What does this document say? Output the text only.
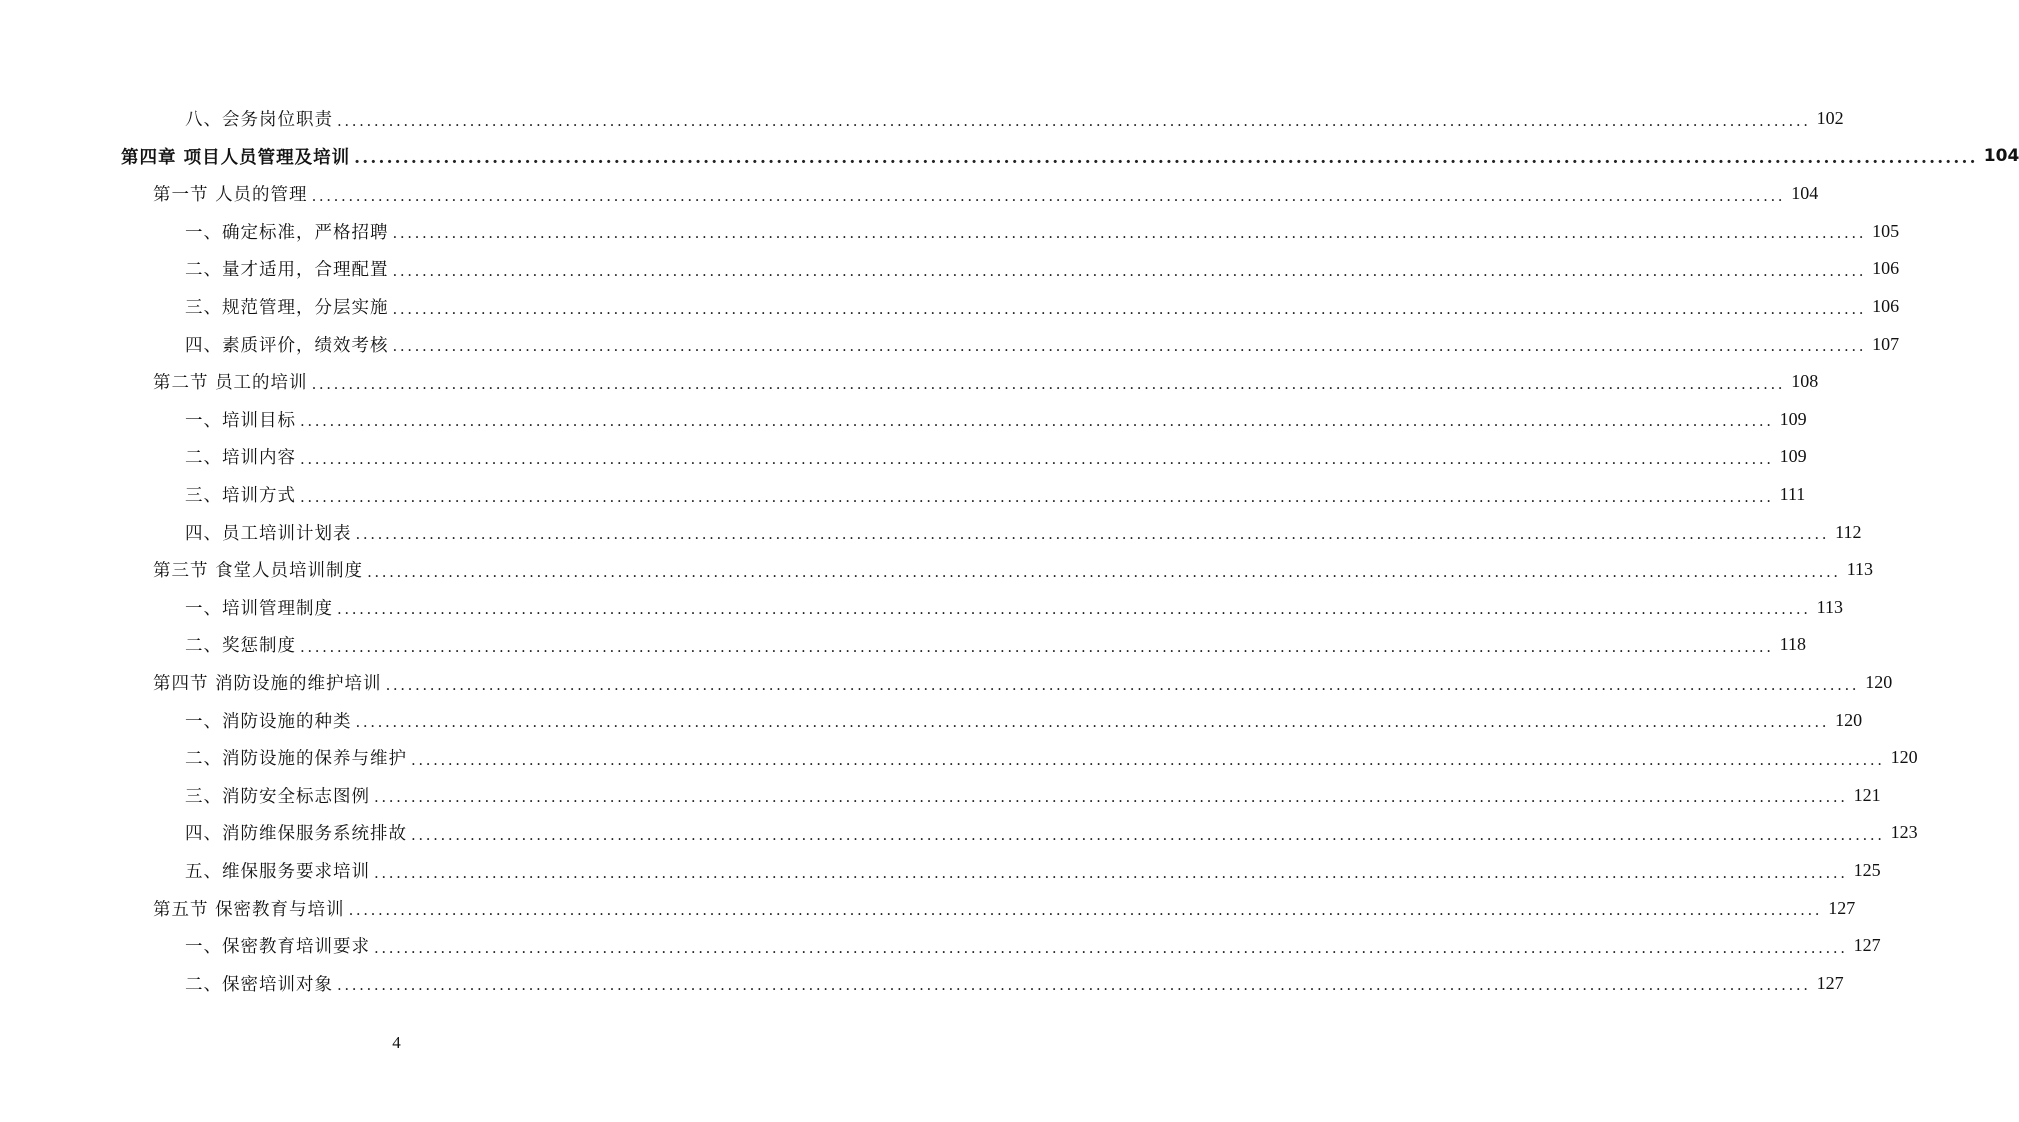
八、会务岗位职责 ........................................................................................................................................................................................................ 102
第四章 项目人员管理及培训 ........................................................................................................................................................................................................ 104
第一节 人员的管理 ........................................................................................................................................................................................................ 104
一、确定标准，严格招聘 ........................................................................................................................................................................................................ 105
二、量才适用，合理配置 ........................................................................................................................................................................................................ 106
三、规范管理，分层实施 ........................................................................................................................................................................................................ 106
四、素质评价，绩效考核 ........................................................................................................................................................................................................ 107
第二节 员工的培训 ........................................................................................................................................................................................................ 108
一、培训目标 ........................................................................................................................................................................................................ 109
二、培训内容 ........................................................................................................................................................................................................ 109
三、培训方式 ........................................................................................................................................................................................................ 111
四、员工培训计划表 ........................................................................................................................................................................................................ 112
第三节 食堂人员培训制度 ........................................................................................................................................................................................................ 113
一、培训管理制度 ........................................................................................................................................................................................................ 113
二、奖惩制度 ........................................................................................................................................................................................................ 118
第四节 消防设施的维护培训 ........................................................................................................................................................................................................ 120
一、消防设施的种类 ........................................................................................................................................................................................................ 120
二、消防设施的保养与维护 ........................................................................................................................................................................................................ 120
三、消防安全标志图例 ........................................................................................................................................................................................................ 121
四、消防维保服务系统排故 ........................................................................................................................................................................................................ 123
五、维保服务要求培训 ........................................................................................................................................................................................................ 125
第五节 保密教育与培训 ........................................................................................................................................................................................................ 127
一、保密教育培训要求 ........................................................................................................................................................................................................ 127
二、保密培训对象 ........................................................................................................................................................................................................ 127
4
